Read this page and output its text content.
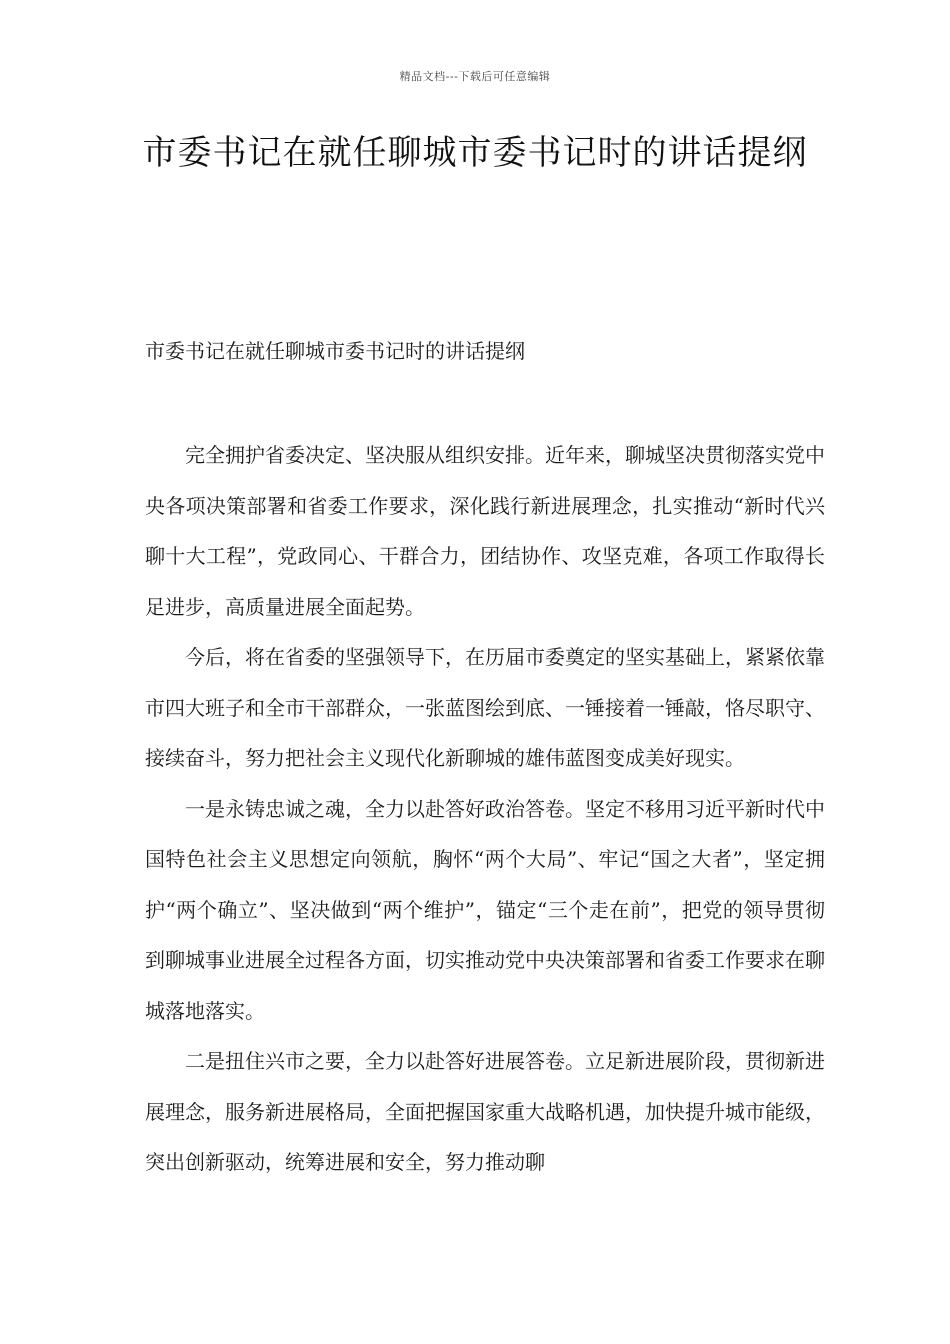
精品文档---下载后可任意编辑
市委书记在就任聊城市委书记时的讲话提纲
市委书记在就任聊城市委书记时的讲话提纲

完全拥护省委决定、坚决服从组织安排。近年来，聊城坚决贯彻落实党中央各项决策部署和省委工作要求，深化践行新进展理念，扎实推动“新时代兴聊十大工程”，党政同心、干群合力，团结协作、攻坚克难，各项工作取得长足进步，高质量进展全面起势。

今后，将在省委的坚强领导下，在历届市委奠定的坚实基础上，紧紧依靠市四大班子和全市干部群众，一张蓝图绘到底、一锤接着一锤敲，恪尽职守、接续奋斗，努力把社会主义现代化新聊城的雄伟蓝图变成美好现实。

一是永铸忠诚之魂，全力以赴答好政治答卷。坚定不移用习近平新时代中国特色社会主义思想定向领航，胸怀“两个大局”、牢记“国之大者”，坚定拥护“两个确立”、坚决做到“两个维护”，锚定“三个走在前”，把党的领导贯彻到聊城事业进展全过程各方面，切实推动党中央决策部署和省委工作要求在聊城落地落实。

二是扭住兴市之要，全力以赴答好进展答卷。立足新进展阶段，贯彻新进展理念，服务新进展格局，全面把握国家重大战略机遇，加快提升城市能级，突出创新驱动，统筹进展和安全，努力推动聊
